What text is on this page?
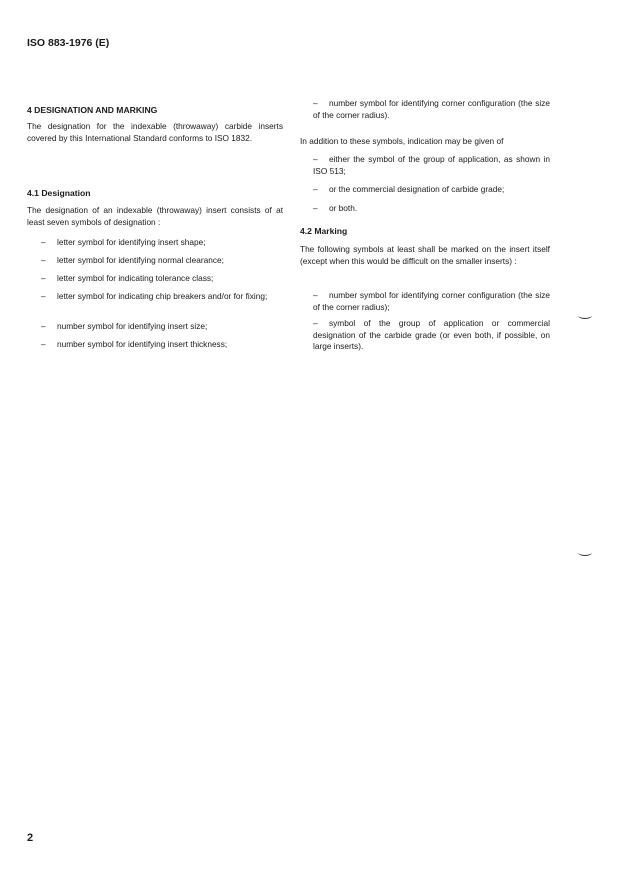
ISO 883-1976 (E)
4 DESIGNATION AND MARKING
The designation for the indexable (throwaway) carbide inserts covered by this International Standard conforms to ISO 1832.
4.1 Designation
The designation of an indexable (throwaway) insert consists of at least seven symbols of designation :
– letter symbol for identifying insert shape;
– letter symbol for identifying normal clearance;
– letter symbol for indicating tolerance class;
– letter symbol for indicating chip breakers and/or for fixing;
– number symbol for identifying insert size;
– number symbol for identifying insert thickness;
– number symbol for identifying corner configuration (the size of the corner radius).
In addition to these symbols, indication may be given of
– either the symbol of the group of application, as shown in ISO 513;
– or the commercial designation of carbide grade;
– or both.
4.2 Marking
The following symbols at least shall be marked on the insert itself (except when this would be difficult on the smaller inserts) :
– number symbol for identifying corner configuration (the size of the corner radius);
– symbol of the group of application or commercial designation of the carbide grade (or even both, if possible, on large inserts).
2
